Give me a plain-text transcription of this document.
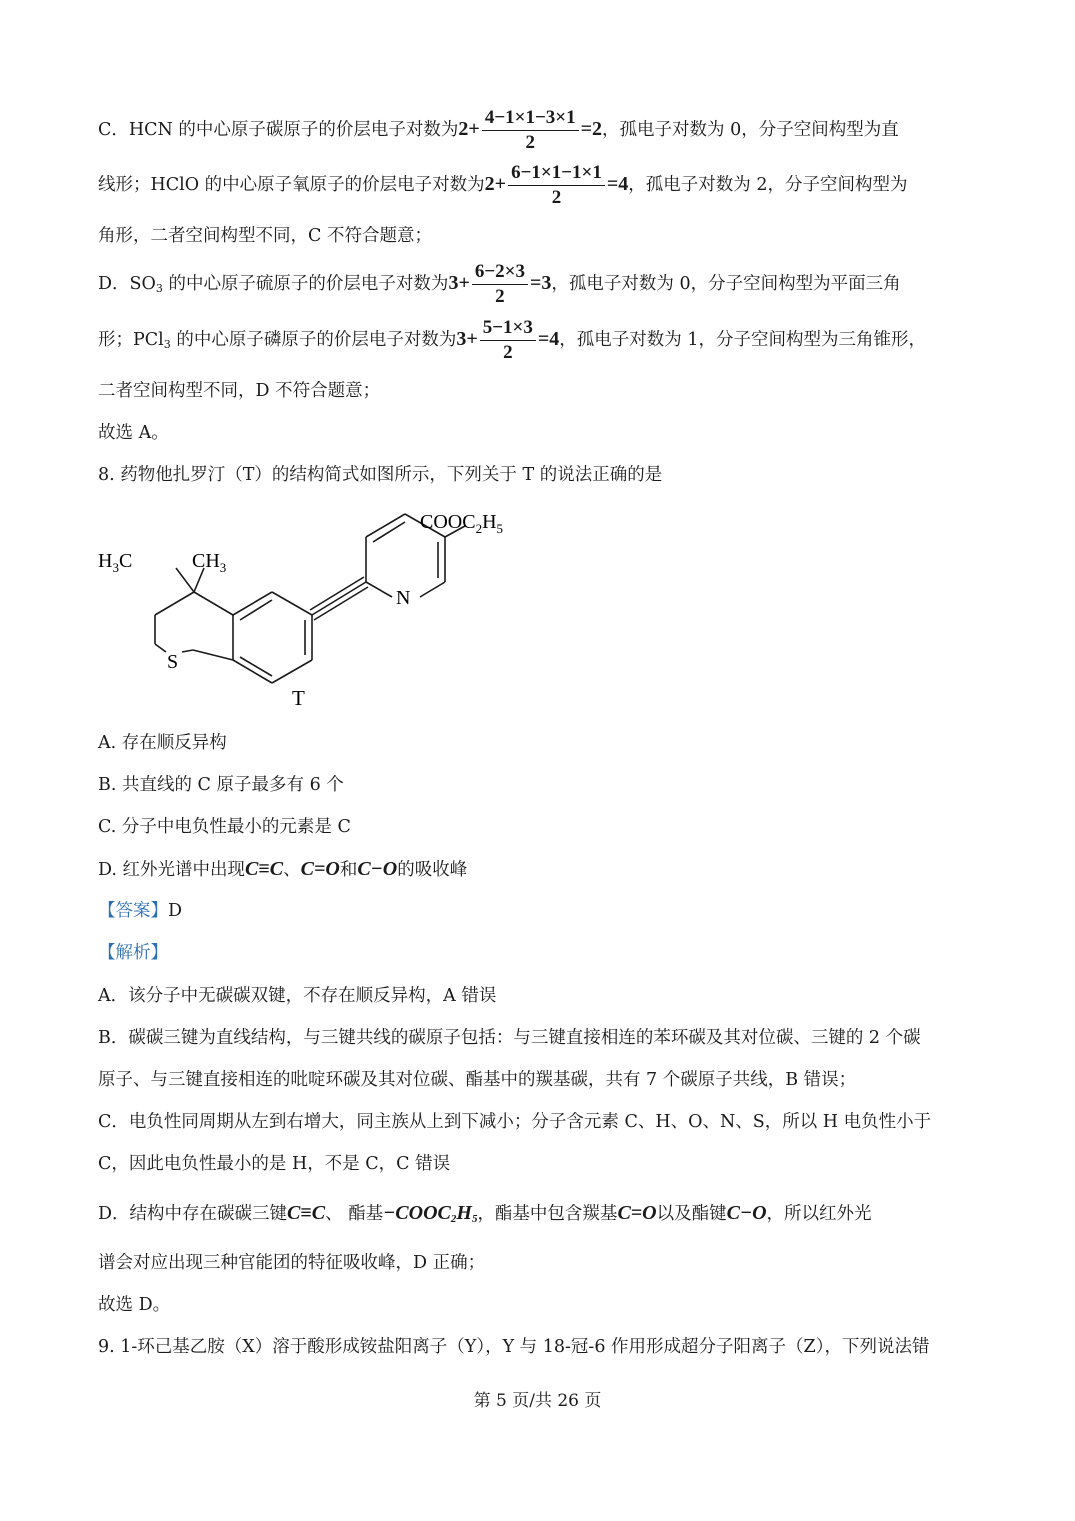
C．HCN 的中心原子碳原子的价层电子对数为$2+ \frac{4-1\times 1-3\times 1}{2} =2$，孤电子对数为 0，分子空间构型为直
线形；HClO 的中心原子氧原子的价层电子对数为$2+ \frac{6-1\times 1-1\times 1}{2} =4$，孤电子对数为 2，分子空间构型为
角形，二者空间构型不同，C 不符合题意；
D．$SO_3$ 的中心原子硫原子的价层电子对数为$3+ \frac{6-2\times 3}{2} =3$，孤电子对数为 0，分子空间构型为平面三角
形；PCl$_3$ 的中心原子磷原子的价层电子对数为$3+ \frac{5-1\times 3}{2} =4$，孤电子对数为 1，分子空间构型为三角锥形，
二者空间构型不同，D 不符合题意；
故选 A。
8. 药物他扎罗汀（T）的结构简式如图所示，下列关于 T 的说法正确的是
$COOC_2H_5$
$H_3C$	$CH_3$
N
S
T
A. 存在顺反异构
B. 共直线的 C 原子最多有 6 个
C. 分子中电负性最小的元素是 C
D. 红外光谱中出现C≡C、C=O和C−O的吸收峰
【答案】D
【解析】
A．该分子中无碳碳双键，不存在顺反异构，A 错误
B．碳碳三键为直线结构，与三键共线的碳原子包括：与三键直接相连的苯环碳及其对位碳、三键的 2 个碳
原子、与三键直接相连的吡啶环碳及其对位碳、酯基中的羰基碳，共有 7 个碳原子共线，B 错误；
C．电负性同周期从左到右增大，同主族从上到下减小；分子含元素 C、H、O、N、S，所以 H 电负性小于
C，因此电负性最小的是 H，不是 C，C 错误
D．结构中存在碳碳三键C≡C、 酯基$-COOC_2H_5$，酯基中包含羰基C=O以及酯键C−O，所以红外光
谱会对应出现三种官能团的特征吸收峰，D 正确；
故选 D。
9. 1-环己基乙胺（X）溶于酸形成铵盐阳离子（Y），Y 与 18-冠-6 作用形成超分子阳离子（Z），下列说法错
第 5 页/共 26 页
